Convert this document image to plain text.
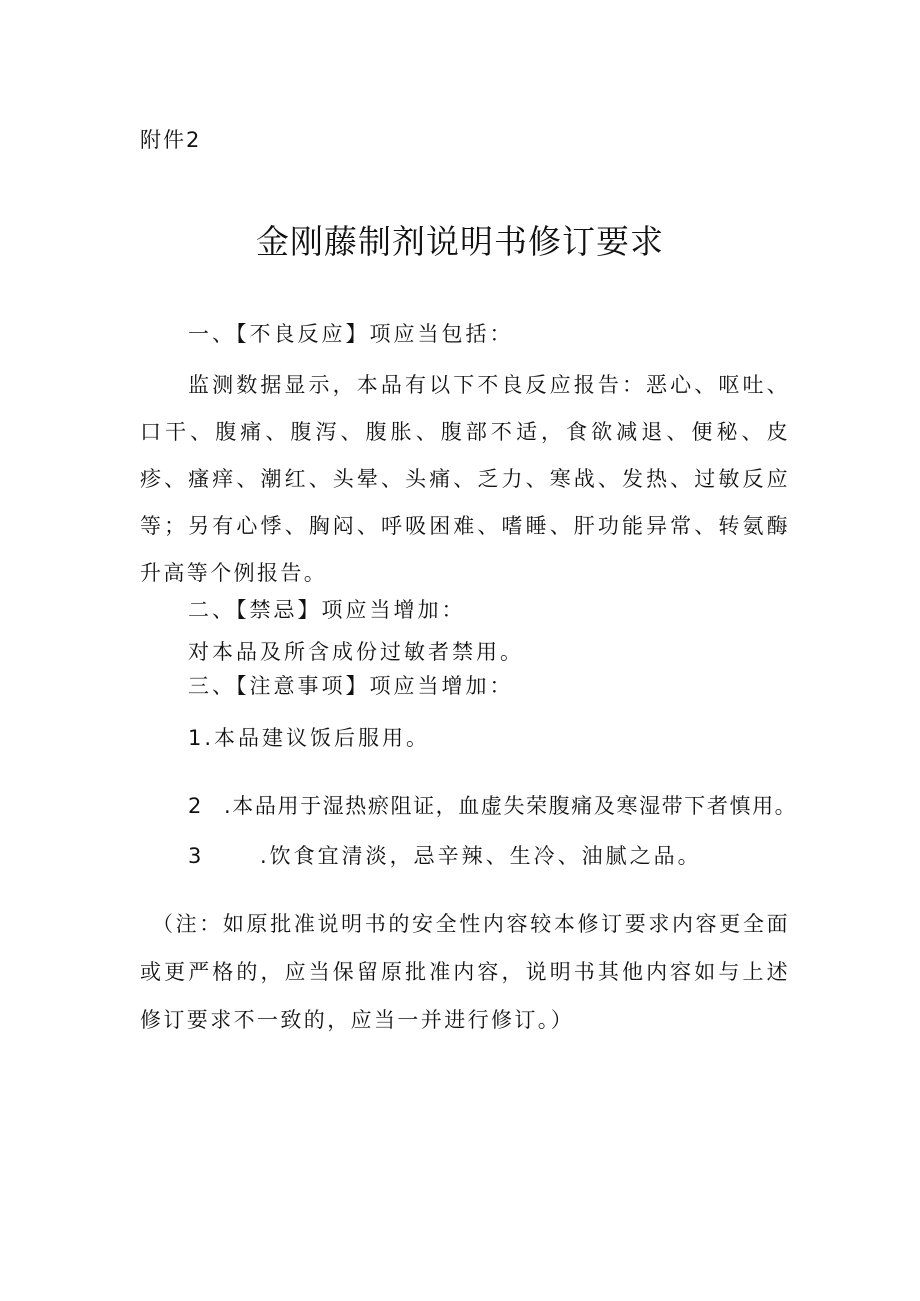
附件2
金刚藤制剂说明书修订要求
一、【不良反应】项应当包括：
监测数据显示，本品有以下不良反应报告：恶心、呕吐、口干、腹痛、腹泻、腹胀、腹部不适，食欲减退、便秘、皮疹、瘙痒、潮红、头晕、头痛、乏力、寒战、发热、过敏反应等；另有心悸、胸闷、呼吸困难、嗜睡、肝功能异常、转氨酶升高等个例报告。
二、【禁忌】项应当增加：
对本品及所含成份过敏者禁用。
三、【注意事项】项应当增加：
1.本品建议饭后服用。
2 .本品用于湿热瘀阻证，血虚失荣腹痛及寒湿带下者慎用。
3	.饮食宜清淡，忌辛辣、生冷、油腻之品。
（注：如原批准说明书的安全性内容较本修订要求内容更全面或更严格的，应当保留原批准内容，说明书其他内容如与上述修订要求不一致的，应当一并进行修订。）
